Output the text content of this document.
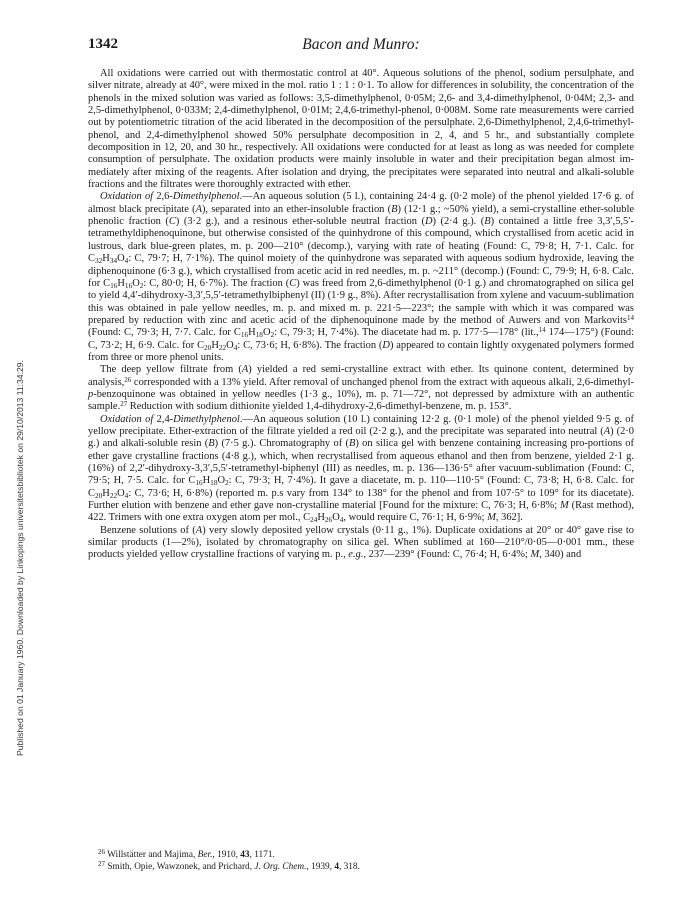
Published on 01 January 1960. Downloaded by Linkopings universitetsbibliotek on 29/10/2013 11:34:29.
1342	Bacon and Munro:

All oxidations were carried out with thermostatic control at 40°. Aqueous solutions of the phenol, sodium persulphate, and silver nitrate, already at 40°, were mixed in the mol. ratio 1 : 1 : 0·1. To allow for differences in solubility, the concentration of the phenols in the mixed solution was varied as follows: 3,5-dimethylphenol, 0·05M; 2,6- and 3,4-dimethylphenol, 0·04M; 2,3- and 2,5-dimethylphenol, 0·033M; 2,4-dimethylphenol, 0·01M; 2,4,6-trimethyl-phenol, 0·008M. Some rate measurements were carried out by potentiometric titration of the acid liberated in the decomposition of the persulphate. 2,6-Dimethylphenol, 2,4,6-trimethyl-phenol, and 2,4-dimethylphenol showed 50% persulphate decomposition in 2, 4, and 5 hr., and substantially complete decomposition in 12, 20, and 30 hr., respectively. All oxidations were conducted for at least as long as was needed for complete consumption of persulphate. The oxidation products were mainly insoluble in water and their precipitation began almost im-mediately after mixing of the reagents. After isolation and drying, the precipitates were separated into neutral and alkali-soluble fractions and the filtrates were thoroughly extracted with ether.

Oxidation of 2,6-Dimethylphenol.—An aqueous solution (5 l.), containing 24·4 g. (0·2 mole) of the phenol yielded 17·6 g. of almost black precipitate (A), separated into an ether-insoluble fraction (B) (12·1 g.; ~50% yield), a semi-crystalline ether-soluble phenolic fraction (C) (3·2 g.), and a resinous ether-soluble neutral fraction (D) (2·4 g.). (B) contained a little free 3,3′,5,5′-tetramethyldiphenoquinone, but otherwise consisted of the quinhydrone of this compound, which crystallised from acetic acid in lustrous, dark blue-green plates, m. p. 200—210° (decomp.), varying with rate of heating (Found: C, 79·8; H, 7·1. Calc. for $C_{32}H_{34}O_4$: C, 79·7; H, 7·1%). The quinol moiety of the quinhydrone was separated with aqueous sodium hydroxide, leaving the diphenoquinone (6·3 g.), which crystallised from acetic acid in red needles, m. p. ~211° (decomp.) (Found: C, 79·9; H, 6·8. Calc. for $C_{16}H_{16}O_2$: C, 80·0; H, 6·7%). The fraction (C) was freed from 2,6-dimethylphenol (0·1 g.) and chromatographed on silica gel to yield 4,4′-dihydroxy-3,3′,5,5′-tetramethylbiphenyl (II) (1·9 g., 8%). After recrystallisation from xylene and vacuum-sublimation this was obtained in pale yellow needles, m. p. and mixed m. p. 221·5—223°; the sample with which it was compared was prepared by reduction with zinc and acetic acid of the diphenoquinone made by the method of Auwers and von Markovits$^{14}$ (Found: C, 79·3; H, 7·7. Calc. for $C_{16}H_{18}O_2$: C, 79·3; H, 7·4%). The diacetate had m. p. 177·5—178° (lit.,$^{14}$ 174—175°) (Found: C, 73·2; H, 6·9. Calc. for $C_{20}H_{22}O_4$: C, 73·6; H, 6·8%). The fraction (D) appeared to contain lightly oxygenated polymers formed from three or more phenol units.

The deep yellow filtrate from (A) yielded a red semi-crystalline extract with ether. Its quinone content, determined by analysis,$^{26}$ corresponded with a 13% yield. After removal of unchanged phenol from the extract with aqueous alkali, 2,6-dimethyl-p-benzoquinone was obtained in yellow needles (1·3 g., 10%), m. p. 71—72°, not depressed by admixture with an authentic sample.$^{27}$ Reduction with sodium dithionite yielded 1,4-dihydroxy-2,6-dimethyl-benzene, m. p. 153°.

Oxidation of 2,4-Dimethylphenol.—An aqueous solution (10 l.) containing 12·2 g. (0·1 mole) of the phenol yielded 9·5 g. of yellow precipitate. Ether-extraction of the filtrate yielded a red oil (2·2 g.), and the precipitate was separated into neutral (A) (2·0 g.) and alkali-soluble resin (B) (7·5 g.). Chromatography of (B) on silica gel with benzene containing increasing pro-portions of ether gave crystalline fractions (4·8 g.), which, when recrystallised from aqueous ethanol and then from benzene, yielded 2·1 g. (16%) of 2,2′-dihydroxy-3,3′,5,5′-tetramethyl-biphenyl (III) as needles, m. p. 136—136·5° after vacuum-sublimation (Found: C, 79·5; H, 7·5. Calc. for $C_{16}H_{18}O_2$: C, 79·3; H, 7·4%). It gave a diacetate, m. p. 110—110·5° (Found: C, 73·8; H, 6·8. Calc. for $C_{20}H_{22}O_4$: C, 73·6; H, 6·8%) (reported m. p.s vary from 134° to 138° for the phenol and from 107·5° to 109° for its diacetate). Further elution with benzene and ether gave non-crystalline material [Found for the mixture: C, 76·3; H, 6·8%; M (Rast method), 422. Trimers with one extra oxygen atom per mol., $C_{24}H_{26}O_4$, would require C, 76·1; H, 6·9%; M, 362].

Benzene solutions of (A) very slowly deposited yellow crystals (0·11 g., 1%). Duplicate oxidations at 20° or 40° gave rise to similar products (1—2%), isolated by chromatography on silica gel. When sublimed at 160—210°/0·05—0·001 mm., these products yielded yellow crystalline fractions of varying m. p., e.g., 237—239° (Found: C, 76·4; H, 6·4%; M, 340) and

$^{26}$ Willstätter and Majima, Ber., 1910, 43, 1171.
$^{27}$ Smith, Opie, Wawzonek, and Prichard, J. Org. Chem., 1939, 4, 318.
